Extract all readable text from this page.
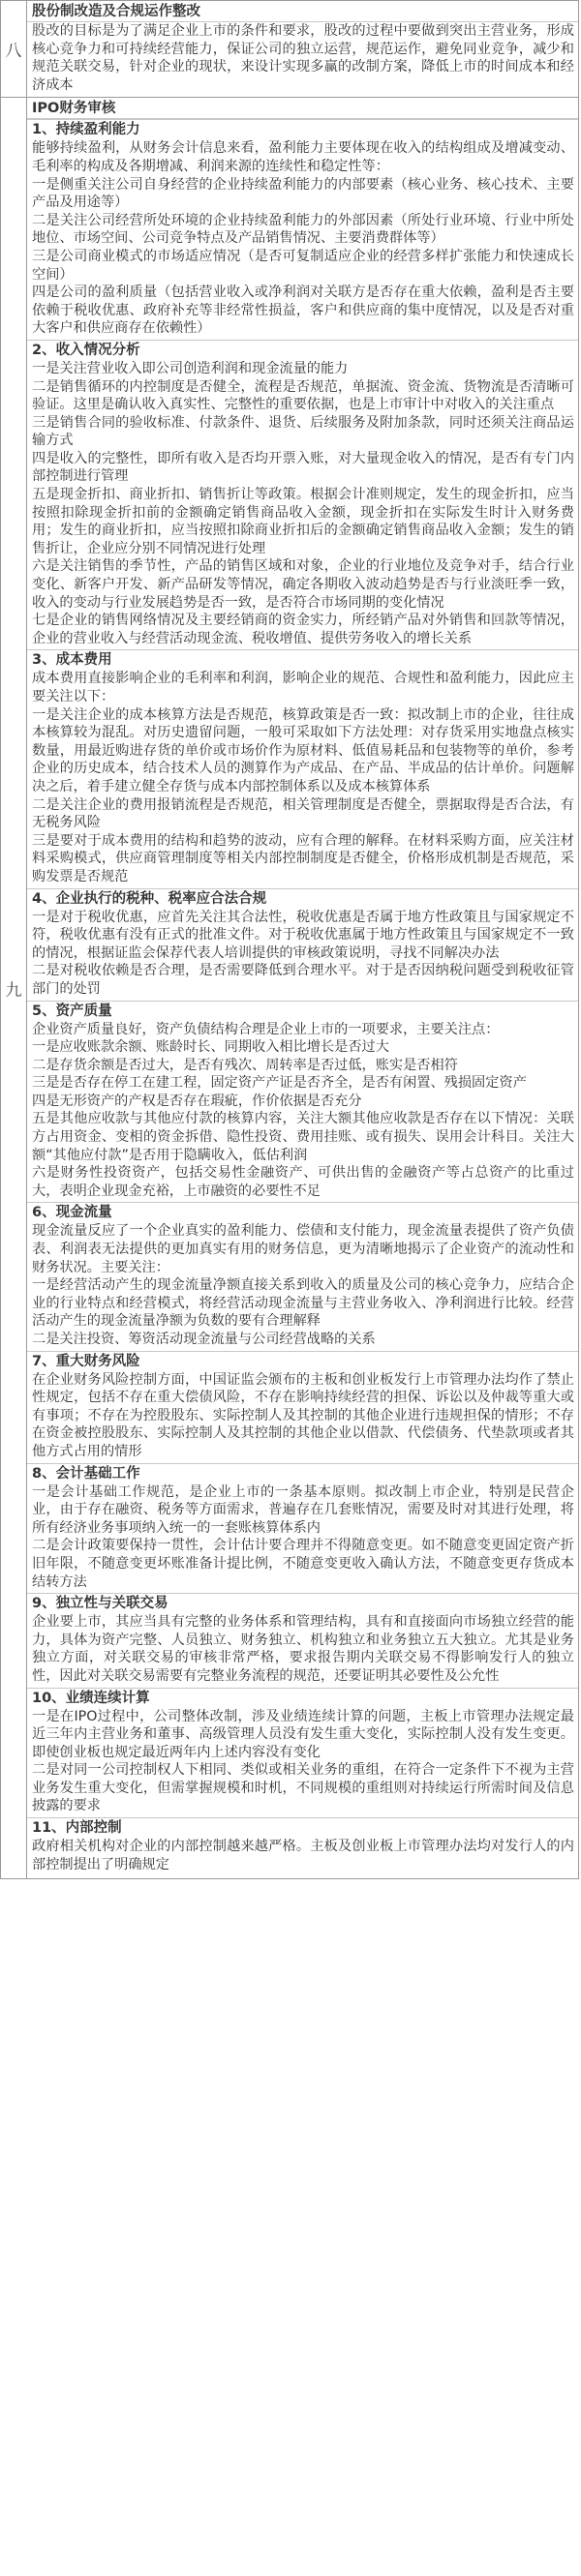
八
股份制改造及合规运作整改

股改的目标是为了满足企业上市的条件和要求，股改的过程中要做到突出主营业务，形成核心竞争力和可持续经营能力，保证公司的独立运营，规范运作，避免同业竞争，减少和规范关联交易，针对企业的现状，来设计实现多赢的改制方案，降低上市的时间成本和经济成本

九
IPO财务审核
1、持续盈利能力

能够持续盈利，从财务会计信息来看，盈利能力主要体现在收入的结构组成及增减变动、毛利率的构成及各期增减、利润来源的连续性和稳定性等：

一是侧重关注公司自身经营的企业持续盈利能力的内部要素（核心业务、核心技术、主要产品及用途等）

二是关注公司经营所处环境的企业持续盈利能力的外部因素（所处行业环境、行业中所处地位、市场空间、公司竞争特点及产品销售情况、主要消费群体等）

三是公司商业模式的市场适应情况（是否可复制适应企业的经营多样扩张能力和快速成长空间）

四是公司的盈利质量（包括营业收入或净利润对关联方是否存在重大依赖，盈利是否主要依赖于税收优惠、政府补充等非经常性损益，客户和供应商的集中度情况，以及是否对重大客户和供应商存在依赖性）

2、收入情况分析

一是关注营业收入即公司创造利润和现金流量的能力

二是销售循环的内控制度是否健全，流程是否规范，单据流、资金流、货物流是否清晰可验证。这里是确认收入真实性、完整性的重要依据，也是上市审计中对收入的关注重点

三是销售合同的验收标准、付款条件、退货、后续服务及附加条款，同时还须关注商品运输方式

四是收入的完整性，即所有收入是否均开票入账，对大量现金收入的情况，是否有专门内部控制进行管理

五是现金折扣、商业折扣、销售折让等政策。根据会计准则规定，发生的现金折扣，应当按照扣除现金折扣前的金额确定销售商品收入金额，现金折扣在实际发生时计入财务费用；发生的商业折扣，应当按照扣除商业折扣后的金额确定销售商品收入金额；发生的销售折让，企业应分别不同情况进行处理

六是关注销售的季节性，产品的销售区域和对象，企业的行业地位及竞争对手，结合行业变化、新客户开发、新产品研发等情况，确定各期收入波动趋势是否与行业淡旺季一致，收入的变动与行业发展趋势是否一致，是否符合市场同期的变化情况

七是企业的销售网络情况及主要经销商的资金实力，所经销产品对外销售和回款等情况，企业的营业收入与经营活动现金流、税收增值、提供劳务收入的增长关系

3、成本费用

成本费用直接影响企业的毛利率和利润，影响企业的规范、合规性和盈利能力，因此应主要关注以下：

一是关注企业的成本核算方法是否规范，核算政策是否一致：拟改制上市的企业，往往成本核算较为混乱。对历史遗留问题，一般可采取如下方法处理：对存货采用实地盘点核实数量，用最近购进存货的单价或市场价作为原材料、低值易耗品和包装物等的单价，参考企业的历史成本，结合技术人员的测算作为产成品、在产品、半成品的估计单价。问题解决之后，着手建立健全存货与成本内部控制体系以及成本核算体系

二是关注企业的费用报销流程是否规范，相关管理制度是否健全，票据取得是否合法，有无税务风险

三是要对于成本费用的结构和趋势的波动，应有合理的解释。在材料采购方面，应关注材料采购模式，供应商管理制度等相关内部控制制度是否健全，价格形成机制是否规范，采购发票是否规范

4、企业执行的税种、税率应合法合规

一是对于税收优惠，应首先关注其合法性，税收优惠是否属于地方性政策且与国家规定不符，税收优惠有没有正式的批准文件。对于税收优惠属于地方性政策且与国家规定不一致的情况，根据证监会保荐代表人培训提供的审核政策说明，寻找不同解决办法

二是对税收依赖是否合理，是否需要降低到合理水平。对于是否因纳税问题受到税收征管部门的处罚

5、资产质量

企业资产质量良好，资产负债结构合理是企业上市的一项要求，主要关注点：

一是应收账款余额、账龄时长、同期收入相比增长是否过大

二是存货余额是否过大，是否有残次、周转率是否过低，账实是否相符

三是是否存在停工在建工程，固定资产产证是否齐全，是否有闲置、残损固定资产

四是无形资产的产权是否存在瑕疵，作价依据是否充分

五是其他应收款与其他应付款的核算内容，关注大额其他应收款是否存在以下情况：关联方占用资金、变相的资金拆借、隐性投资、费用挂账、或有损失、误用会计科目。关注大额“其他应付款”是否用于隐瞒收入，低估利润

六是财务性投资资产，包括交易性金融资产、可供出售的金融资产等占总资产的比重过大，表明企业现金充裕，上市融资的必要性不足

6、现金流量

现金流量反应了一个企业真实的盈利能力、偿债和支付能力，现金流量表提供了资产负债表、利润表无法提供的更加真实有用的财务信息，更为清晰地揭示了企业资产的流动性和财务状况。主要关注：

一是经营活动产生的现金流量净额直接关系到收入的质量及公司的核心竞争力，应结合企业的行业特点和经营模式，将经营活动现金流量与主营业务收入、净利润进行比较。经营活动产生的现金流量净额为负数的要有合理解释

二是关注投资、筹资活动现金流量与公司经营战略的关系

7、重大财务风险

在企业财务风险控制方面，中国证监会颁布的主板和创业板发行上市管理办法均作了禁止性规定，包括不存在重大偿债风险，不存在影响持续经营的担保、诉讼以及仲裁等重大或有事项；不存在为控股股东、实际控制人及其控制的其他企业进行违规担保的情形；不存在资金被控股股东、实际控制人及其控制的其他企业以借款、代偿债务、代垫款项或者其他方式占用的情形

8、会计基础工作

一是会计基础工作规范，是企业上市的一条基本原则。拟改制上市企业，特别是民营企业，由于存在融资、税务等方面需求，普遍存在几套账情况，需要及时对其进行处理，将所有经济业务事项纳入统一的一套账核算体系内

二是会计政策要保持一贯性，会计估计要合理并不得随意变更。如不随意变更固定资产折旧年限，不随意变更坏账准备计提比例，不随意变更收入确认方法，不随意变更存货成本结转方法

9、独立性与关联交易

企业要上市，其应当具有完整的业务体系和管理结构，具有和直接面向市场独立经营的能力，具体为资产完整、人员独立、财务独立、机构独立和业务独立五大独立。尤其是业务独立方面，对关联交易的审核非常严格，要求报告期内关联交易不得影响发行人的独立性，因此对关联交易需要有完整业务流程的规范，还要证明其必要性及公允性

10、业绩连续计算

一是在IPO过程中，公司整体改制，涉及业绩连续计算的问题，主板上市管理办法规定最近三年内主营业务和董事、高级管理人员没有发生重大变化，实际控制人没有发生变更。即使创业板也规定最近两年内上述内容没有变化

二是对同一公司控制权人下相同、类似或相关业务的重组，在符合一定条件下不视为主营业务发生重大变化，但需掌握规模和时机，不同规模的重组则对持续运行所需时间及信息披露的要求

11、内部控制

政府相关机构对企业的内部控制越来越严格。主板及创业板上市管理办法均对发行人的内部控制提出了明确规定
